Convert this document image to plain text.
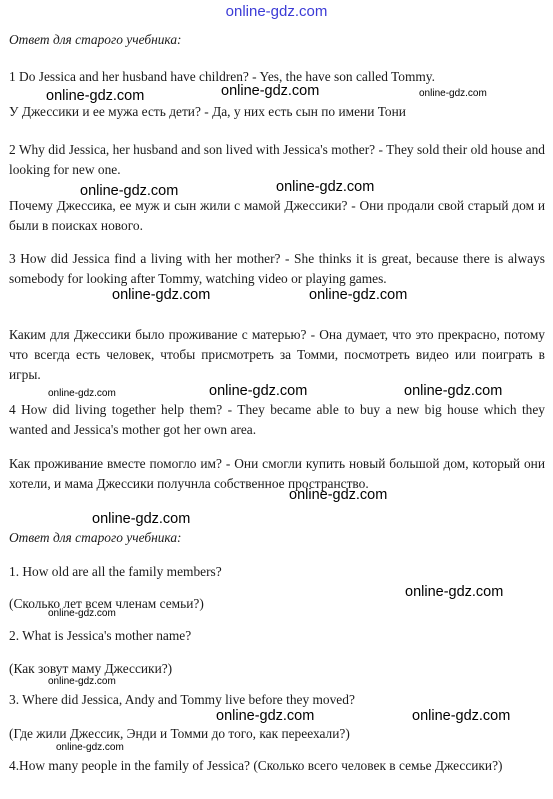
online-gdz.com
Ответ для старого учебника:
1 Do Jessica and her husband have children? - Yes, the have son called Tommy.
У Джессики и ее мужа есть дети? - Да, у них есть сын по имени Тони
2 Why did Jessica, her husband and son lived with Jessica's mother? - They sold their old house and looking for new one.
Почему Джессика, ее муж и сын жили с мамой Джессики? - Они продали свой старый дом и были в поисках нового.
3 How did Jessica find a living with her mother? - She thinks it is great, because there is always somebody for looking after Tommy, watching video or playing games.
Каким для Джессики было проживание с матерью? - Она думает, что это прекрасно, потому что всегда есть человек, чтобы присмотреть за Томми, посмотреть видео или поиграть в игры.
4 How did living together help them? - They became able to buy a new big house which they wanted and Jessica's mother got her own area.
Как проживание вместе помогло им? - Они смогли купить новый большой дом, который они хотели, и мама Джессики получнла собственное пространство.
Ответ для старого учебника:
1. How old are all the family members?
(Сколько лет всем членам семьи?)
2. What is Jessica's mother name?
(Как зовут маму Джессики?)
3. Where did Jessica, Andy and Tommy live before they moved?
(Где жили Джессик, Энди и Томми до того, как переехали?)
4.How many people in the family of Jessica? (Сколько всего человек в семье Джессики?)
online-gdz.com	online-gdz.com	online-gdz.com
online-gdz.com	online-gdz.com
online-gdz.com	online-gdz.com
online-gdz.com	online-gdz.com	online-gdz.com
online-gdz.com
online-gdz.com
online-gdz.com
online-gdz.com
online-gdz.com
online-gdz.com	online-gdz.com
online-gdz.com
